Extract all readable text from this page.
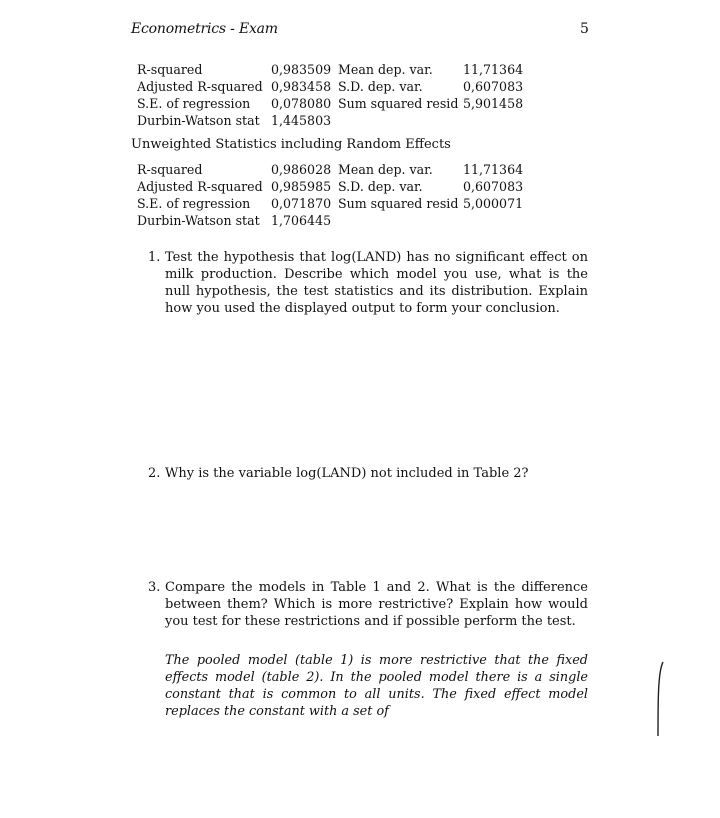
Econometrics - Exam	5
R-squared	0,983509	Mean dep. var.	11,71364
Adjusted R-squared	0,983458	S.D. dep. var.	0,607083
S.E. of regression	0,078080	Sum squared resid	5,901458
Durbin-Watson stat	1,445803		
Unweighted Statistics including Random Effects
R-squared	0,986028	Mean dep. var.	11,71364
Adjusted R-squared	0,985985	S.D. dep. var.	0,607083
S.E. of regression	0,071870	Sum squared resid	5,000071
Durbin-Watson stat	1,706445		
1. Test the hypothesis that log(LAND) has no significant effect on milk production. Describe which model you use, what is the null hypothesis, the test statistics and its distribution. Explain how you used the displayed output to form your conclusion.
2. Why is the variable log(LAND) not included in Table 2?
3. Compare the models in Table 1 and 2. What is the difference between them? Which is more restrictive? Explain how would you test for these restrictions and if possible perform the test.
The pooled model (table 1) is more restrictive that the fixed effects model (table 2). In the pooled model there is a single constant that is common to all units. The fixed effect model replaces the constant with a set of
